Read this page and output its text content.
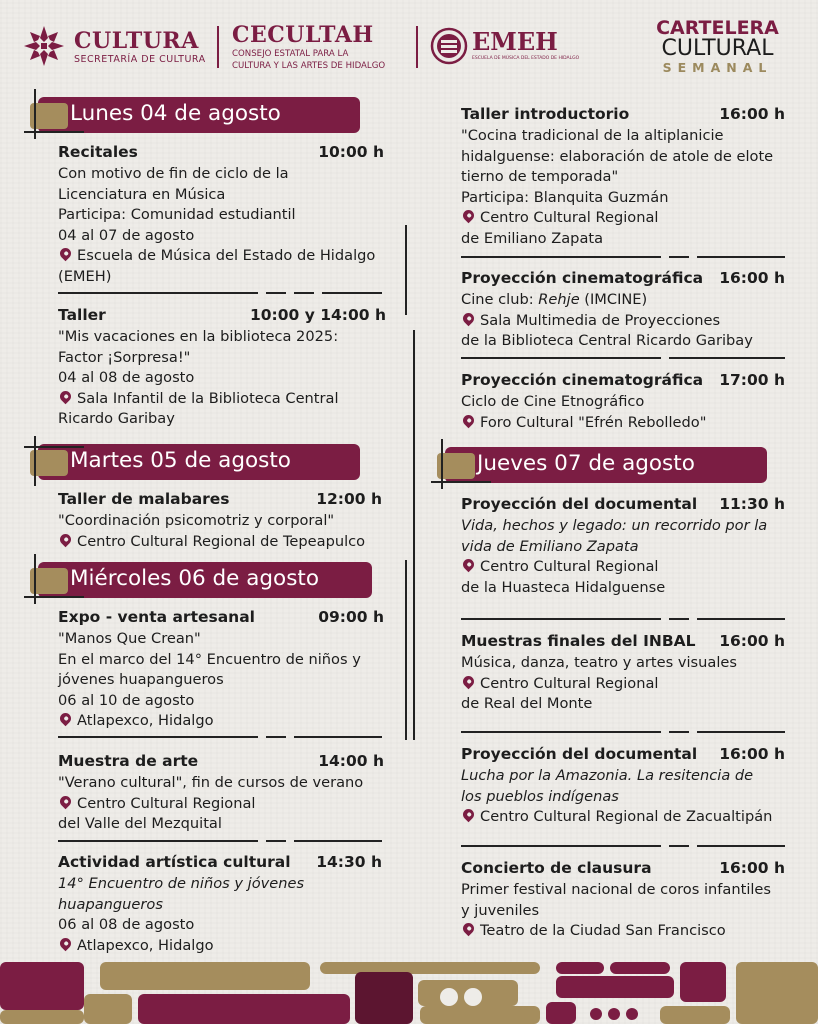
CULTURA
SECRETARÍA DE CULTURA
CECULTAH
CONSEJO ESTATAL PARA LA
CULTURA Y LAS ARTES DE HIDALGO
EMEH
ESCUELA DE MÚSICA DEL ESTADO DE HIDALGO
CARTELERA
CULTURAL
SEMANAL
Lunes 04 de agosto
Martes 05 de agosto
Miércoles 06 de agosto
Jueves 07 de agosto
Recitales	10:00 h
Con motivo de fin de ciclo de la
Licenciatura en Música
Participa: Comunidad estudiantil
04 al 07 de agosto
Escuela de Música del Estado de Hidalgo
(EMEH)
Taller	10:00 y 14:00 h
"Mis vacaciones en la biblioteca 2025:
Factor ¡Sorpresa!"
04 al 08 de agosto
Sala Infantil de la Biblioteca Central
Ricardo Garibay
Taller de malabares	12:00 h
"Coordinación psicomotriz y corporal"
Centro Cultural Regional de Tepeapulco
Expo - venta artesanal	09:00 h
"Manos Que Crean"
En el marco del 14° Encuentro de niños y
jóvenes huapangueros
06 al 10 de agosto
Atlapexco, Hidalgo
Muestra de arte	14:00 h
"Verano cultural", fin de cursos de verano
Centro Cultural Regional
del Valle del Mezquital
Actividad artística cultural 14:30 h
14° Encuentro de niños y jóvenes
huapangueros
06 al 08 de agosto
Atlapexco, Hidalgo
Taller introductorio	16:00 h
"Cocina tradicional de la altiplanicie
hidalguense: elaboración de atole de elote
tierno de temporada"
Participa: Blanquita Guzmán
Centro Cultural Regional
de Emiliano Zapata
Proyección cinematográfica 16:00 h
Cine club: Rehje (IMCINE)
Sala Multimedia de Proyecciones
de la Biblioteca Central Ricardo Garibay
Proyección cinematográfica 17:00 h
Ciclo de Cine Etnográfico
Foro Cultural "Efrén Rebolledo"
Proyección del documental 11:30 h
Vida, hechos y legado: un recorrido por la
vida de Emiliano Zapata
Centro Cultural Regional
de la Huasteca Hidalguense
Muestras finales del INBAL 16:00 h
Música, danza, teatro y artes visuales
Centro Cultural Regional
de Real del Monte
Proyección del documental 16:00 h
Lucha por la Amazonia. La resitencia de
los pueblos indígenas
Centro Cultural Regional de Zacualtipán
Concierto de clausura	16:00 h
Primer festival nacional de coros infantiles
y juveniles
Teatro de la Ciudad San Francisco
